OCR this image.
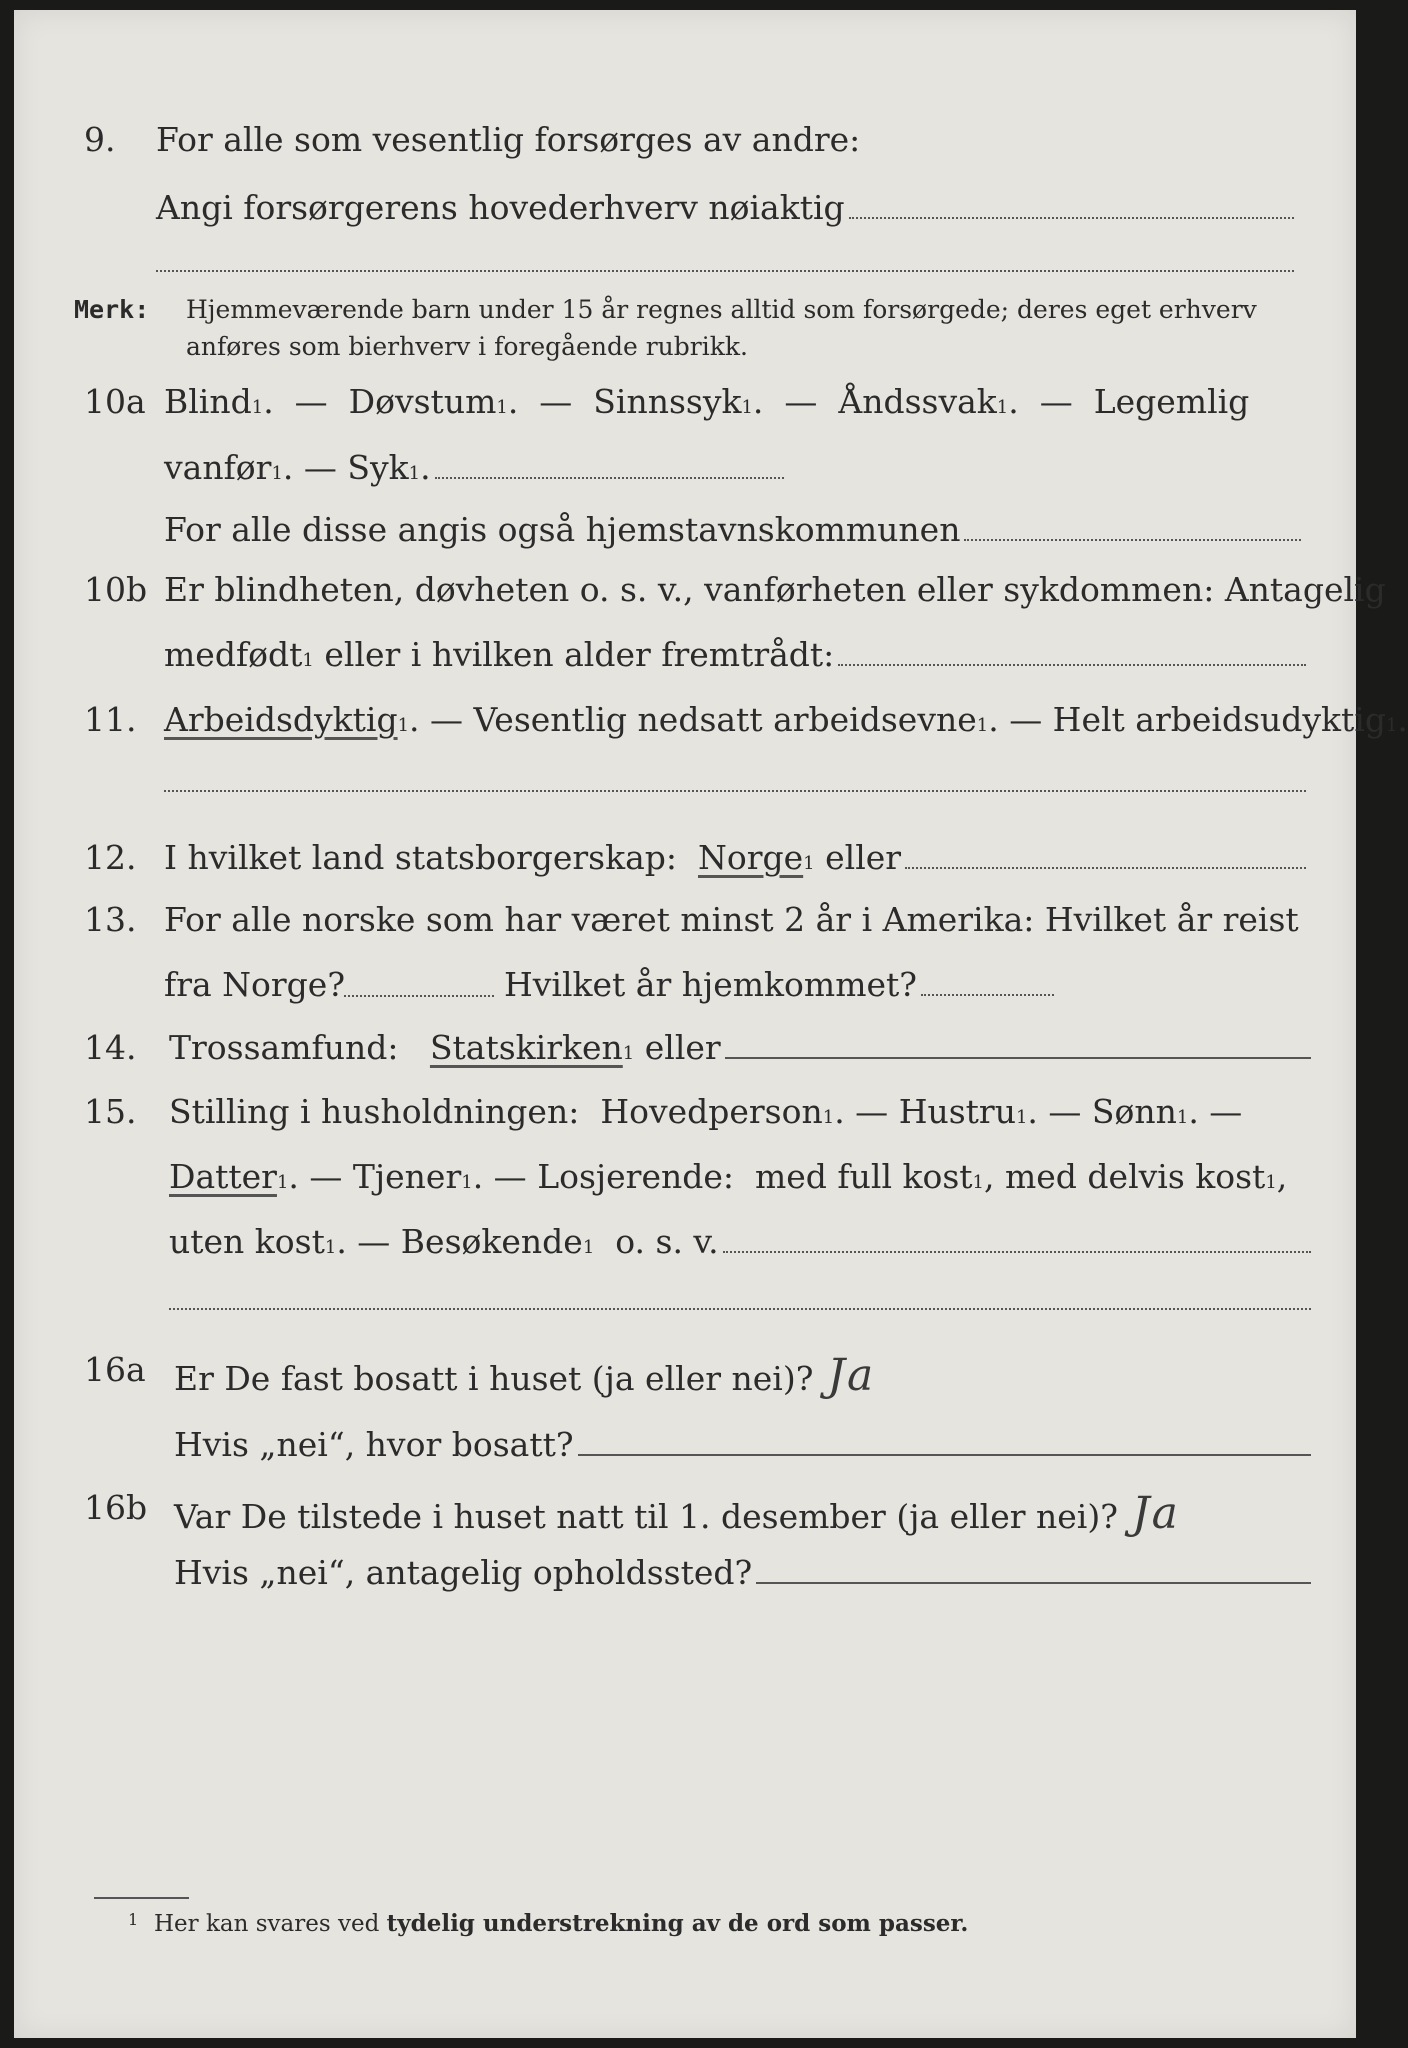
9. For alle som vesentlig forsørges av andre:
Angi forsørgerens hovederhverv nøiaktig
Merk: Hjemmeværende barn under 15 år regnes alltid som forsørgede; deres eget erhverv
anføres som bierhverv i foregående rubrikk.
10a Blind 1 .  — Døvstum 1 .  — Sinnssyk 1 .  — Åndssvak 1 .  — Legemlig
vanfør 1 . — Syk 1 .
For alle disse angis også hjemstavnskommunen
10b Er blindheten, døvheten o. s. v., vanførheten eller sykdommen: Antagelig
medfødt 1
eller i hvilken alder fremtrådt:
11. Arbeidsdyktig 1 . — Vesentlig nedsatt arbeidsevne 1 . — Helt arbeidsudyktig 1 .
12. I hvilket land statsborgerskap:
Norge 1
eller
13. For alle norske som har været minst 2 år i Amerika: Hvilket år reist
fra Norge?	Hvilket år hjemkommet?
14. Trossamfund:
Statskirken 1
eller
15. Stilling i husholdningen:
Hovedperson 1 . — Hustru 1 . — Sønn 1 . —
Datter 1 . — Tjener 1 . — Losjerende:
med full kost 1 , med delvis kost 1 ,
uten kost 1 . — Besøkende 1
o. s. v.
16a Er De fast bosatt i huset (ja eller nei)? Ja
Hvis „nei“, hvor bosatt?
16b Var De tilstede i huset natt til 1. desember (ja eller nei)? Ja
Hvis „nei“, antagelig opholdssted?
1 Her kan svares ved tydelig understrekning av de ord som passer.
